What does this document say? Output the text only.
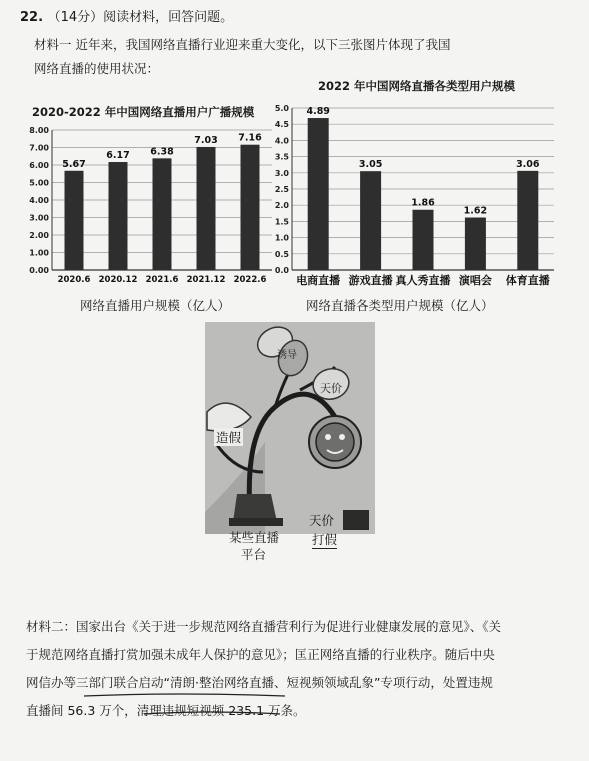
22. （14分）阅读材料，回答问题。
材料一 近年来，我国网络直播行业迎来重大变化，以下三张图片体现了我国
网络直播的使用状况：
2020-2022 年中国网络直播用户广播规模
0.00
1.00
2.00
3.00
4.00
5.00
6.00
7.00
8.00
5.67
2020.6
6.17
2020.12
6.38
2021.6
7.03
2021.12
7.16
2022.6
网络直播用户规模（亿人）
2022 年中国网络直播各类型用户规模
0.0
0.5
1.0
1.5
2.0
2.5
3.0
3.5
4.0
4.5
5.0 4.89
电商直播
3.05
游戏直播
1.86
真人秀直播
1.62
演唱会
3.06
体育直播
网络直播各类型用户规模（亿人）
造假
诱导
天价
某些直播
平台
天价
打假

材料二：国家出台《关于进一步规范网络直播营利行为促进行业健康发展的意见》、《关

于规范网络直播打赏加强未成年人保护的意见》；匡正网络直播的行业秩序。随后中央

网信办等三部门联合启动“清朗·整治网络直播、短视频领域乱象”专项行动，处置违规

直播间 56.3 万个，清理违规短视频 235.1 万条。
